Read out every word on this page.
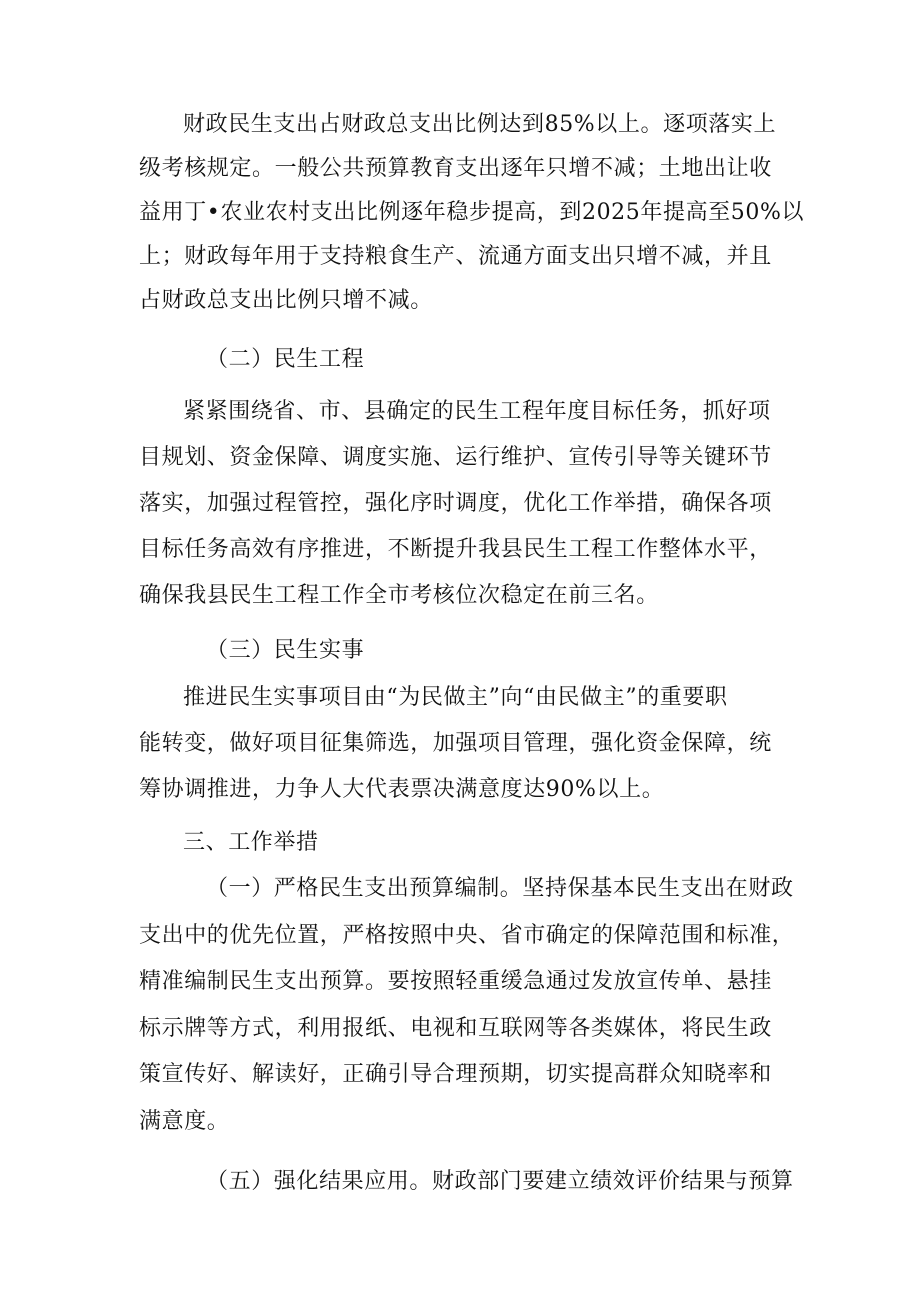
财政民生支出占财政总支出比例达到85%以上。逐项落实上
级考核规定。一般公共预算教育支出逐年只增不减；土地出让收
益用丁•农业农村支出比例逐年稳步提高，到2025年提高至50%以
上；财政每年用于支持粮食生产、流通方面支出只增不减，并且
占财政总支出比例只增不减。
（二）民生工程
紧紧围绕省、市、县确定的民生工程年度目标任务，抓好项
目规划、资金保障、调度实施、运行维护、宣传引导等关键环节
落实，加强过程管控，强化序时调度，优化工作举措，确保各项
目标任务高效有序推进，不断提升我县民生工程工作整体水平，
确保我县民生工程工作全市考核位次稳定在前三名。
（三）民生实事
推进民生实事项目由“为民做主”向“由民做主”的重要职
能转变，做好项目征集筛选，加强项目管理，强化资金保障，统
筹协调推进，力争人大代表票决满意度达90%以上。
三、工作举措
（一）严格民生支出预算编制。坚持保基本民生支出在财政
支出中的优先位置，严格按照中央、省市确定的保障范围和标准，
精准编制民生支出预算。要按照轻重缓急通过发放宣传单、悬挂
标示牌等方式，利用报纸、电视和互联网等各类媒体，将民生政
策宣传好、解读好，正确引导合理预期，切实提高群众知晓率和
满意度。
（五）强化结果应用。财政部门要建立绩效评价结果与预算
